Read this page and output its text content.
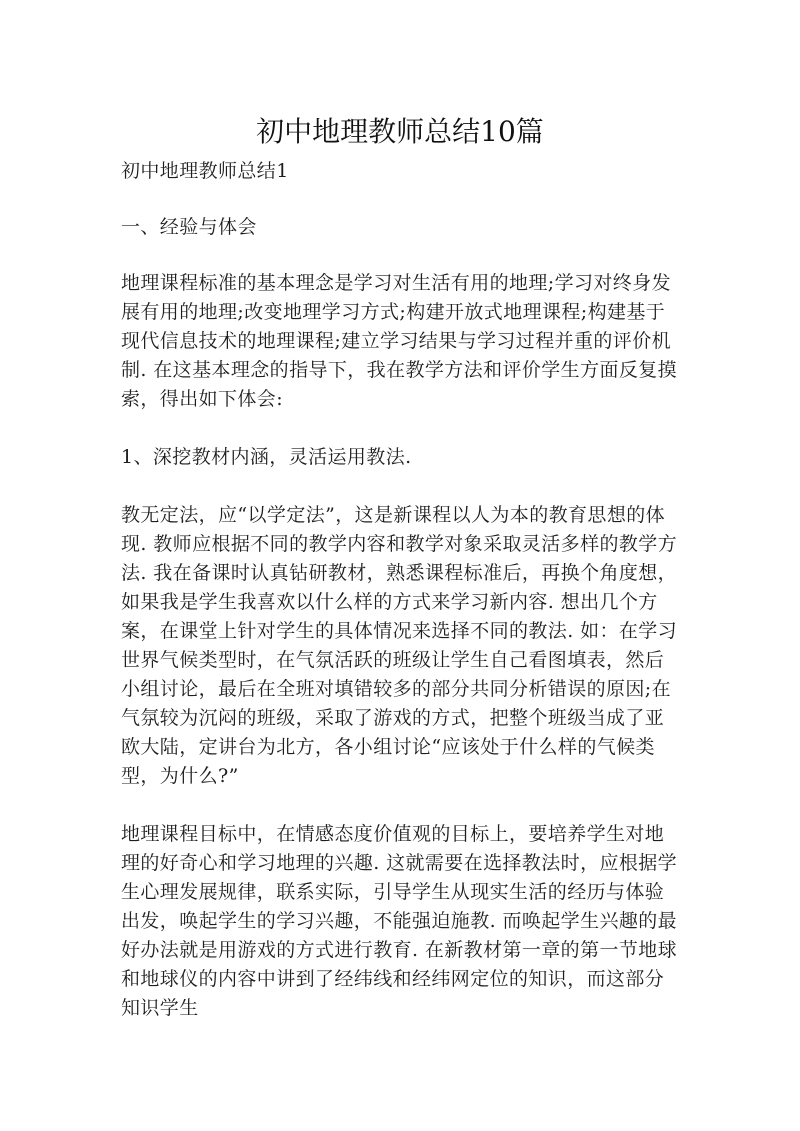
初中地理教师总结10篇

初中地理教师总结1

一、经验与体会

地理课程标准的基本理念是学习对生活有用的地理;学习对终身发展有用的地理;改变地理学习方式;构建开放式地理课程;构建基于现代信息技术的地理课程;建立学习结果与学习过程并重的评价机制. 在这基本理念的指导下，我在教学方法和评价学生方面反复摸索，得出如下体会:

1、深挖教材内涵，灵活运用教法.

教无定法，应“以学定法”，这是新课程以人为本的教育思想的体现. 教师应根据不同的教学内容和教学对象采取灵活多样的教学方法. 我在备课时认真钻研教材，熟悉课程标准后，再换个角度想，如果我是学生我喜欢以什么样的方式来学习新内容. 想出几个方案，在课堂上针对学生的具体情况来选择不同的教法. 如：在学习世界气候类型时，在气氛活跃的班级让学生自己看图填表，然后小组讨论，最后在全班对填错较多的部分共同分析错误的原因;在气氛较为沉闷的班级，采取了游戏的方式，把整个班级当成了亚欧大陆，定讲台为北方，各小组讨论“应该处于什么样的气候类型，为什么?”

地理课程目标中，在情感态度价值观的目标上，要培养学生对地理的好奇心和学习地理的兴趣. 这就需要在选择教法时，应根据学生心理发展规律，联系实际，引导学生从现实生活的经历与体验出发，唤起学生的学习兴趣，不能强迫施教. 而唤起学生兴趣的最好办法就是用游戏的方式进行教育. 在新教材第一章的第一节地球和地球仪的内容中讲到了经纬线和经纬网定位的知识，而这部分知识学生
